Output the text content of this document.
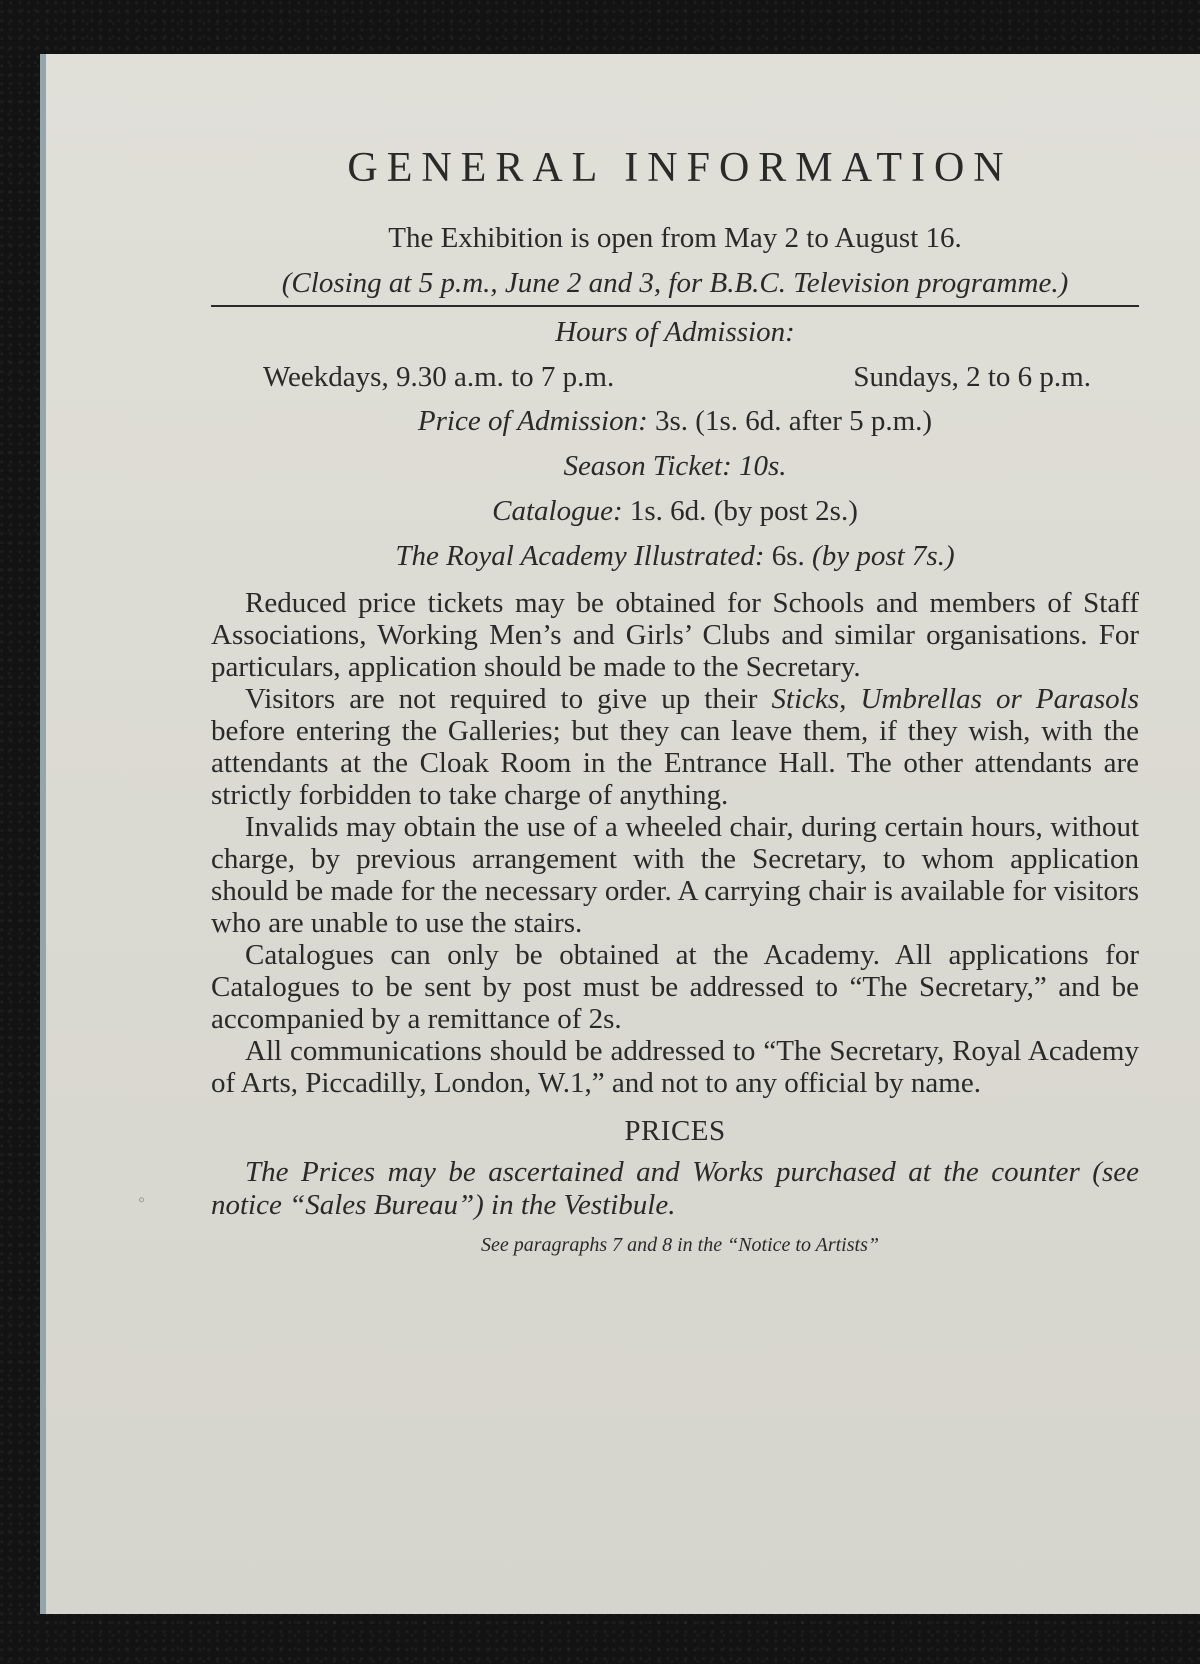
GENERAL INFORMATION

The Exhibition is open from May 2 to August 16.

(Closing at 5 p.m., June 2 and 3, for B.B.C. Television programme.)

Hours of Admission:

Weekdays, 9.30 a.m. to 7 p.m.	Sundays, 2 to 6 p.m.

Price of Admission: 3s. (1s. 6d. after 5 p.m.)

Season Ticket: 10s.

Catalogue: 1s. 6d. (by post 2s.)

The Royal Academy Illustrated: 6s. (by post 7s.)

Reduced price tickets may be obtained for Schools and members of Staff Associations, Working Men’s and Girls’ Clubs and similar organisations. For particulars, application should be made to the Secretary.

Visitors are not required to give up their Sticks, Umbrellas or Parasols before entering the Galleries; but they can leave them, if they wish, with the attendants at the Cloak Room in the Entrance Hall. The other attendants are strictly forbidden to take charge of anything.

Invalids may obtain the use of a wheeled chair, during certain hours, without charge, by previous arrangement with the Secretary, to whom application should be made for the necessary order. A carrying chair is available for visitors who are unable to use the stairs.

Catalogues can only be obtained at the Academy. All applications for Catalogues to be sent by post must be addressed to “The Secretary,” and be accompanied by a remittance of 2s.

All communications should be addressed to “The Secretary, Royal Academy of Arts, Piccadilly, London, W.1,” and not to any official by name.

PRICES

The Prices may be ascertained and Works purchased at the counter (see notice “Sales Bureau”) in the Vestibule.

See paragraphs 7 and 8 in the “Notice to Artists”
◦
